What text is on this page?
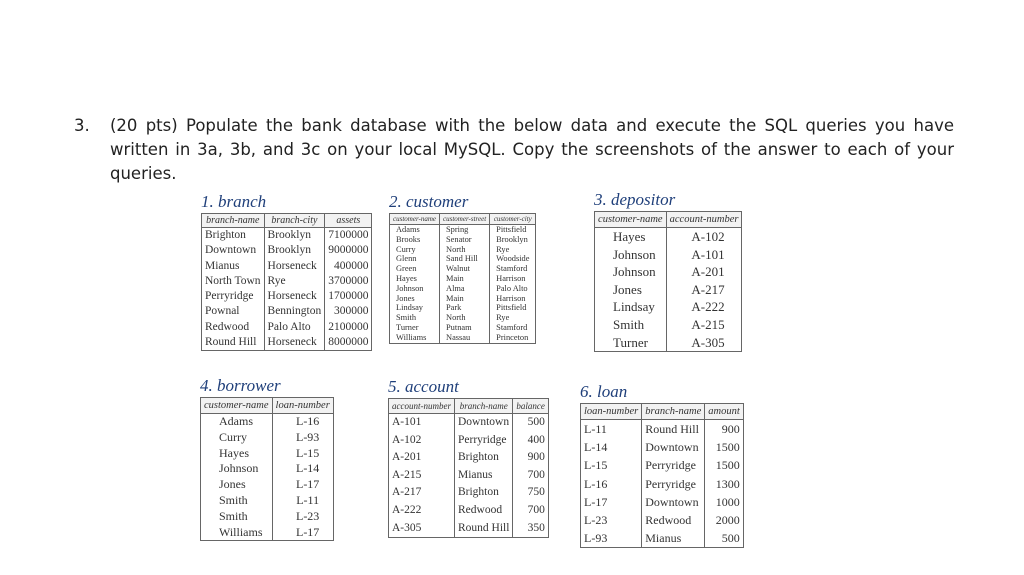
3. (20 pts) Populate the bank database with the below data and execute the SQL queries you have written in 3a, 3b, and 3c on your local MySQL. Copy the screenshots of the answer to each of your queries.
1. branch
branch-name	branch-city	assets
Brighton	Brooklyn	7100000
Downtown	Brooklyn	9000000
Mianus	Horseneck	400000
North Town	Rye	3700000
Perryridge	Horseneck	1700000
Pownal	Bennington	300000
Redwood	Palo Alto	2100000
Round Hill	Horseneck	8000000
2. customer
customer-name	customer-street	customer-city
Adams	Spring	Pittsfield
Brooks	Senator	Brooklyn
Curry	North	Rye
Glenn	Sand Hill	Woodside
Green	Walnut	Stamford
Hayes	Main	Harrison
Johnson	Alma	Palo Alto
Jones	Main	Harrison
Lindsay	Park	Pittsfield
Smith	North	Rye
Turner	Putnam	Stamford
Williams	Nassau	Princeton
3. depositor
customer-name	account-number
Hayes	A-102
Johnson	A-101
Johnson	A-201
Jones	A-217
Lindsay	A-222
Smith	A-215
Turner	A-305
4. borrower
customer-name	loan-number
Adams	L-16
Curry	L-93
Hayes	L-15
Johnson	L-14
Jones	L-17
Smith	L-11
Smith	L-23
Williams	L-17
5. account
account-number	branch-name	balance
A-101	Downtown	500
A-102	Perryridge	400
A-201	Brighton	900
A-215	Mianus	700
A-217	Brighton	750
A-222	Redwood	700
A-305	Round Hill	350
6. loan
loan-number	branch-name	amount
L-11	Round Hill	900
L-14	Downtown	1500
L-15	Perryridge	1500
L-16	Perryridge	1300
L-17	Downtown	1000
L-23	Redwood	2000
L-93	Mianus	500
